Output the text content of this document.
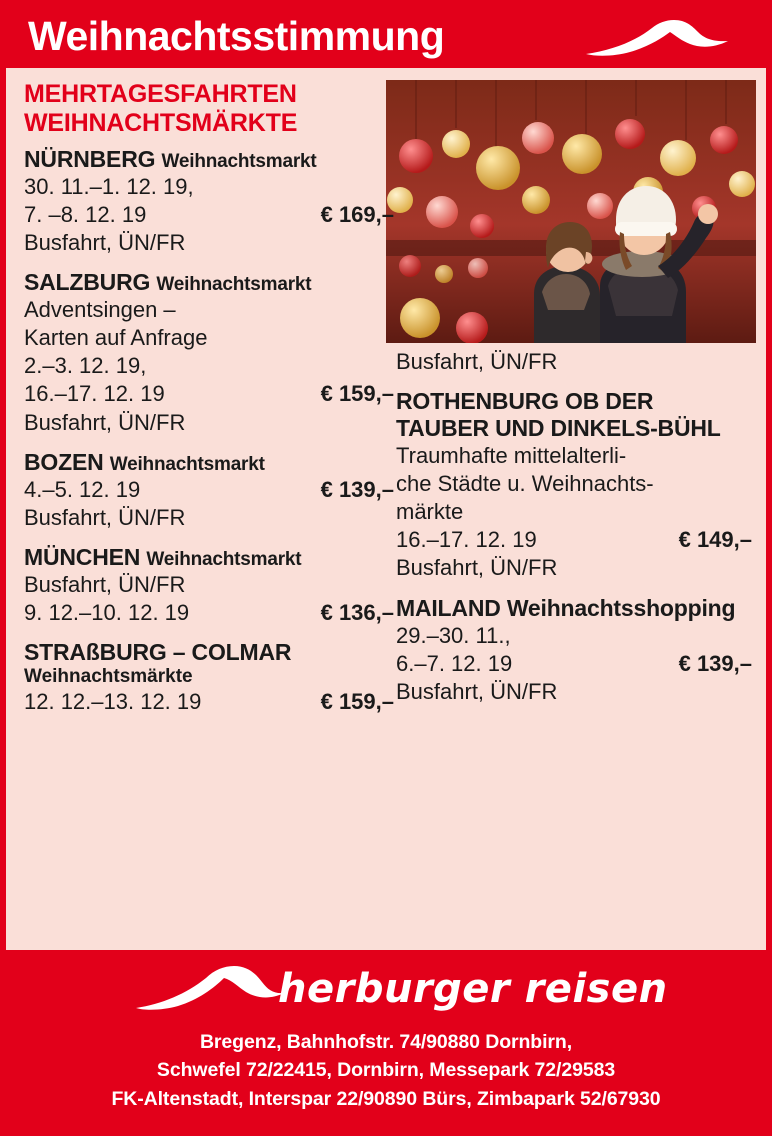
Weihnachtsstimmung
MEHRTAGESFAHRTEN
WEIHNACHTSMÄRKTE
NÜRNBERG Weihnachtsmarkt
30. 11.–1. 12. 19,
7. –8. 12. 19	€ 169,–
Busfahrt, ÜN/FR
SALZBURG Weihnachtsmarkt
Adventsingen –
Karten auf Anfrage
2.–3. 12. 19,
16.–17. 12. 19	€ 159,–
Busfahrt, ÜN/FR
BOZEN Weihnachtsmarkt
4.–5. 12. 19	€ 139,–
Busfahrt, ÜN/FR
MÜNCHEN Weihnachtsmarkt
Busfahrt, ÜN/FR
9. 12.–10. 12. 19	€ 136,–
STRAßBURG – COLMAR
Weihnachtsmärkte
12. 12.–13. 12. 19	€ 159,–
Busfahrt, ÜN/FR
ROTHENBURG OB DER TAUBER UND DINKELS-BÜHL
Traumhafte mittelalterli-
che Städte u. Weihnachts-
märkte
16.–17. 12. 19	€ 149,–
Busfahrt, ÜN/FR
MAILAND Weihnachtsshopping
29.–30. 11.,
6.–7. 12. 19	€ 139,–
Busfahrt, ÜN/FR
herburger reisen
Bregenz, Bahnhofstr. 74/90880 Dornbirn,
Schwefel 72/22415, Dornbirn, Messepark 72/29583
FK-Altenstadt, Interspar 22/90890 Bürs, Zimbapark 52/67930
